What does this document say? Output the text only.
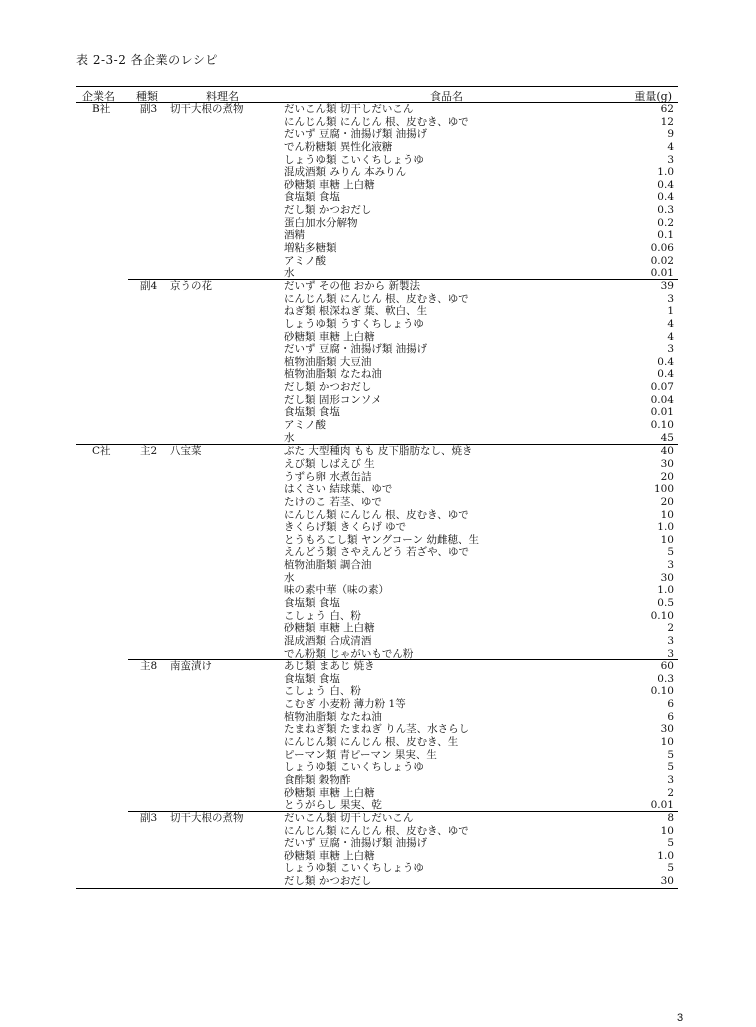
表 2-3-2 各企業のレシピ
企業名 種類	料理名	食品名	重量(g)
B社	副3 切干大根の煮物	だいこん類 切干しだいこん	62
にんじん類 にんじん 根、皮むき、ゆで	12
だいず 豆腐・油揚げ類 油揚げ	9
でん粉糖類 異性化液糖	4
しょうゆ類 こいくちしょうゆ	3
混成酒類 みりん 本みりん	1.0
砂糖類 車糖 上白糖	0.4
食塩類 食塩	0.4
だし類 かつおだし	0.3
蛋白加水分解物	0.2
酒精	0.1
増粘多糖類	0.06
アミノ酸	0.02
水	0.01
副4 京うの花	だいず その他 おから 新製法	39
にんじん類 にんじん 根、皮むき、ゆで	3
ねぎ類 根深ねぎ 葉、軟白、生	1
しょうゆ類 うすくちしょうゆ	4
砂糖類 車糖 上白糖	4
だいず 豆腐・油揚げ類 油揚げ	3
植物油脂類 大豆油	0.4
植物油脂類 なたね油	0.4
だし類 かつおだし	0.07
だし類 固形コンソメ	0.04
食塩類 食塩	0.01
アミノ酸	0.10
水	45
C社	主2 八宝菜	ぶた 大型種肉 もも 皮下脂肪なし、焼き	40
えび類 しばえび 生	30
うずら卵 水煮缶詰	20
はくさい 結球葉、ゆで	100
たけのこ 若茎、ゆで	20
にんじん類 にんじん 根、皮むき、ゆで	10
きくらげ類 きくらげ ゆで	1.0
とうもろこし類 ヤングコーン 幼雌穂、生	10
えんどう類 さやえんどう 若ざや、ゆで	5
植物油脂類 調合油	3
水	30
味の素中華（味の素）	1.0
食塩類 食塩	0.5
こしょう 白、粉	0.10
砂糖類 車糖 上白糖	2
混成酒類 合成清酒	3
でん粉類 じゃがいもでん粉	3
主8 南蛮漬け	あじ類 まあじ 焼き	60
食塩類 食塩	0.3
こしょう 白、粉	0.10
こむぎ 小麦粉 薄力粉 1等	6
植物油脂類 なたね油	6
たまねぎ類 たまねぎ りん茎、水さらし	30
にんじん類 にんじん 根、皮むき、生	10
ピーマン類 青ピーマン 果実、生	5
しょうゆ類 こいくちしょうゆ	5
食酢類 穀物酢	3
砂糖類 車糖 上白糖	2
とうがらし 果実、乾	0.01
副3 切干大根の煮物	だいこん類 切干しだいこん	8
にんじん類 にんじん 根、皮むき、ゆで	10
だいず 豆腐・油揚げ類 油揚げ	5
砂糖類 車糖 上白糖	1.0
しょうゆ類 こいくちしょうゆ	5
だし類 かつおだし	30
3
